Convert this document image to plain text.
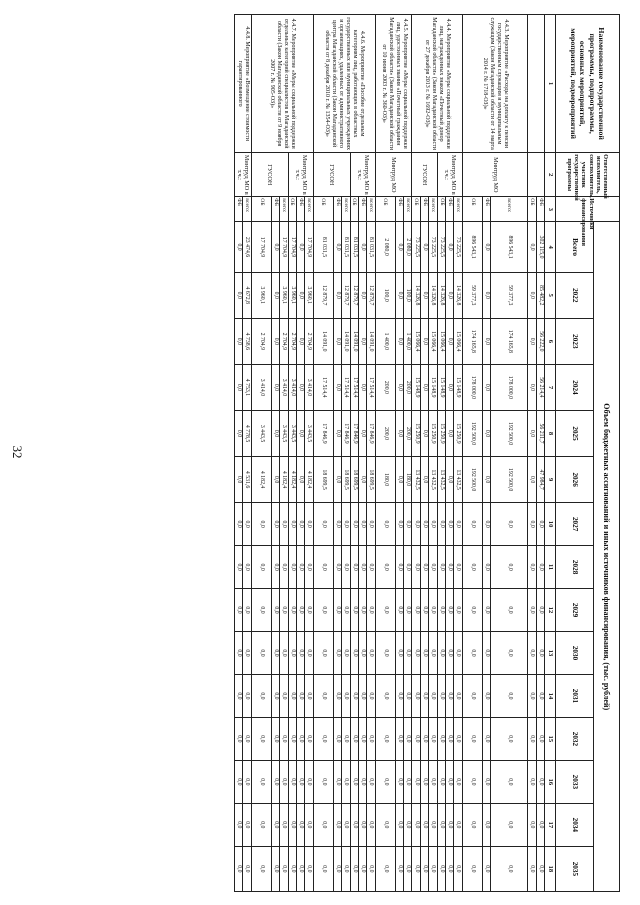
32
Наименование государственной программы, подпрограммы, основных мероприятий, мероприятий, подмероприятий	Ответственный исполнитель, соисполнитель, участник государственной программы	Источники финансирования	Объем бюджетных ассигнований и иных источников финансирования, (тыс. рублей)														
			Всего	2022	2023	2024	2025	2026	2027	2028	2029	2030	2031	2032	2033	2034	2035
1	2	3	4	5	6	7	8	9	10	11	12	13	14	15	16	17	18
		ФБ	302 115,0	85 482,2	56 222,0	56 214,4	56 211,7	47 984,7	0,0	0,0	0,0	0,0	0,0	0,0	0,0	0,0	0,0
		ОБ	0,0	0,0	0,0	0,0	0,0	0,0	0,0	0,0	0,0	0,0	0,0	0,0	0,0	0,0	0,0
4.4.3. Мероприятие «Расходы на доплату к пенсии государственным служащим и муниципальным служащим (Закон Магаданской области от 14 марта 2014 г. № 1718-ОЗ)»	Минтруд МО	всего:	896 543,1	59 377,3	174 165,8	178 000,0	192 500,0	192 500,0	0,0	0,0	0,0	0,0	0,0	0,0	0,0	0,0	0,0
		ФБ	0,0	0,0	0,0	0,0	0,0	0,0	0,0	0,0	0,0	0,0	0,0	0,0	0,0	0,0	0,0
		ОБ	896 543,1	59 377,3	174 165,8	178 000,0	192 500,0	192 500,0	0,0	0,0	0,0	0,0	0,0	0,0	0,0	0,0	0,0
4.4.4. Мероприятие «Меры социальной поддержки лиц, награжденных знаком «Почетный донор Магаданской области» (Закон Магаданской области от 27 декабря 2013 г. № 1692-ОЗ)»	Минтруд МО в т.ч.:	всего:	73 225,5	14 326,8	15 066,4	15 148,9	15 250,9	13 432,5	0,0	0,0	0,0	0,0	0,0	0,0	0,0	0,0	0,0
		ФБ	0,0	0,0	0,0	0,0	0,0	0,0	0,0	0,0	0,0	0,0	0,0	0,0	0,0	0,0	0,0
		ОБ	73 225,5	14 326,8	15 066,4	15 148,9	15 250,9	13 432,5	0,0	0,0	0,0	0,0	0,0	0,0	0,0	0,0	0,0
	ГУСОН	всего:	73 225,5	14 326,8	15 066,4	15 148,9	15 250,9	13 432,5	0,0	0,0	0,0	0,0	0,0	0,0	0,0	0,0	0,0
		ФБ	0,0	0,0	0,0	0,0	0,0	0,0	0,0	0,0	0,0	0,0	0,0	0,0	0,0	0,0	0,0
		ОБ	73 225,5	14 326,8	15 066,4	15 148,9	15 250,9	13 432,5	0,0	0,0	0,0	0,0	0,0	0,0	0,0	0,0	0,0
4.4.5. Мероприятие «Меры социальной поддержки лиц, удостоенных звания «Почетный гражданин Магаданской области» (Закон Магаданской области от 10 июня 2003 г. № 360-ОЗ)»	Минтруд МО	всего:	2 080,0	100,0	1 400,0	200,0	200,0	180,0	0,0	0,0	0,0	0,0	0,0	0,0	0,0	0,0	0,0
		ФБ	0,0	0,0	0,0	0,0	0,0	0,0	0,0	0,0	0,0	0,0	0,0	0,0	0,0	0,0	0,0
		ОБ	2 080,0	100,0	1 400,0	200,0	200,0	180,0	0,0	0,0	0,0	0,0	0,0	0,0	0,0	0,0	0,0
4.4.6. Мероприятие «Пособие отдельным категориям лиц, работающих в областных государственных или муниципальных учреждениях и организациях, удаленных от административного центра Магаданской области (Закон Магаданской области от 8 декабря 2010 г. № 1354-ОЗ)»	Минтруд МО в т.ч.:	всего:	81 031,5	12 879,7	14 091,0	17 514,4	17 846,9	18 699,5	0,0	0,0	0,0	0,0	0,0	0,0	0,0	0,0	0,0
		ФБ	0,0	0,0	0,0	0,0	0,0	0,0	0,0	0,0	0,0	0,0	0,0	0,0	0,0	0,0	0,0
		ОБ	81 031,5	12 879,7	14 091,0	17 514,4	17 846,9	18 699,5	0,0	0,0	0,0	0,0	0,0	0,0	0,0	0,0	0,0
	ГУСОН	всего:	81 031,5	12 879,7	14 091,0	17 514,4	17 846,9	18 699,5	0,0	0,0	0,0	0,0	0,0	0,0	0,0	0,0	0,0
		ФБ	0,0	0,0	0,0	0,0	0,0	0,0	0,0	0,0	0,0	0,0	0,0	0,0	0,0	0,0	0,0
		ОБ	81 031,5	12 879,7	14 091,0	17 514,4	17 846,9	18 699,5	0,0	0,0	0,0	0,0	0,0	0,0	0,0	0,0	0,0
4.4.7. Мероприятие «Меры социальной поддержки отдельных категорий специалистов в Магаданской области (Закон Магаданской области от 9 ноября 2007 г. № 905-ОЗ)»	Минтруд МО в т.ч.:	всего:	17 704,9	3 960,1	2 704,9	3 414,0	3 443,5	4 182,4	0,0	0,0	0,0	0,0	0,0	0,0	0,0	0,0	0,0
		ФБ	0,0	0,0	0,0	0,0	0,0	0,0	0,0	0,0	0,0	0,0	0,0	0,0	0,0	0,0	0,0
		ОБ	17 704,9	3 960,1	2 704,9	3 414,0	3 443,5	4 182,4	0,0	0,0	0,0	0,0	0,0	0,0	0,0	0,0	0,0
	ГУСОН	всего:	17 704,9	3 960,1	2 704,9	3 414,0	3 443,5	4 182,4	0,0	0,0	0,0	0,0	0,0	0,0	0,0	0,0	0,0
		ФБ	0,0	0,0	0,0	0,0	0,0	0,0	0,0	0,0	0,0	0,0	0,0	0,0	0,0	0,0	0,0
		ОБ	17 704,9	3 960,1	2 704,9	3 414,0	3 443,5	4 182,4	0,0	0,0	0,0	0,0	0,0	0,0	0,0	0,0	0,0
4.4.8. Мероприятие «Возмещение стоимости гарантированного	Минтруд МО в т.ч.:	всего:	23 474,6	4 672,8	4 738,6	4 753,1	4 778,5	4 531,6	0,0	0,0	0,0	0,0	0,0	0,0	0,0	0,0	0,0
		ФБ	0,0	0,0	0,0	0,0	0,0	0,0	0,0	0,0	0,0	0,0	0,0	0,0	0,0	0,0	0,0
